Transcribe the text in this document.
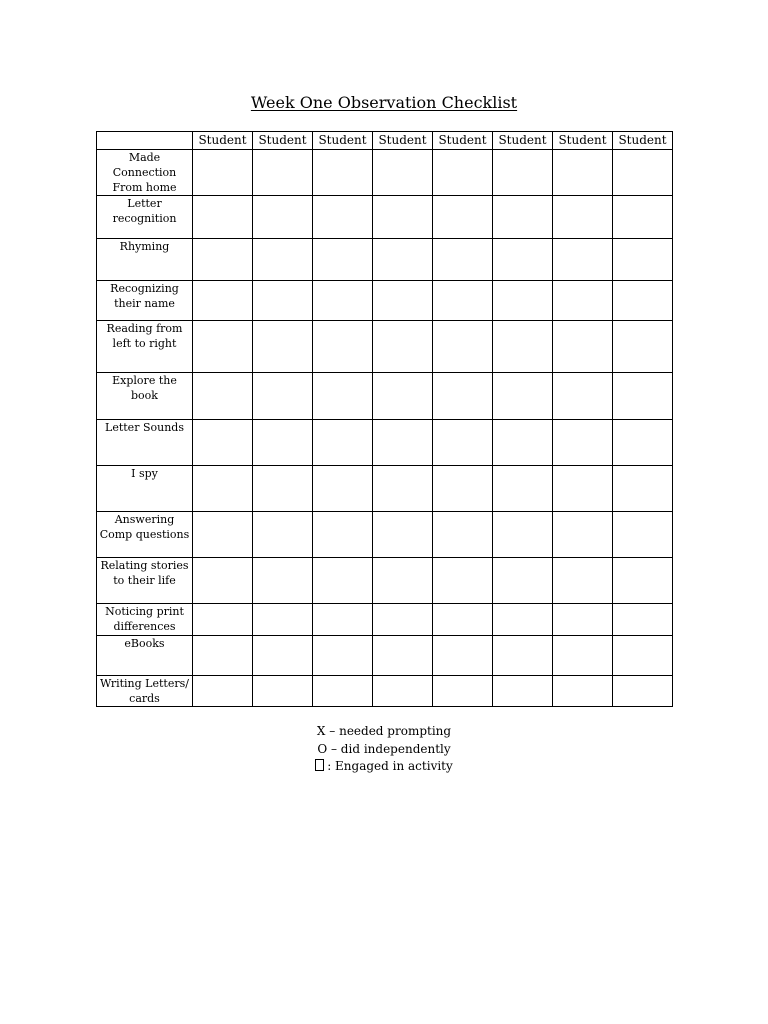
Week One Observation Checklist
	Student	Student	Student	Student	Student	Student	Student	Student
Made Connection From home								
Letter recognition								
Rhyming								
Recognizing their name								
Reading from left to right								
Explore the book								
Letter Sounds								
I spy								
Answering Comp questions								
Relating stories to their life								
Noticing print differences								
eBooks								
Writing Letters/ cards								
X – needed prompting
O – did independently
: Engaged in activity
